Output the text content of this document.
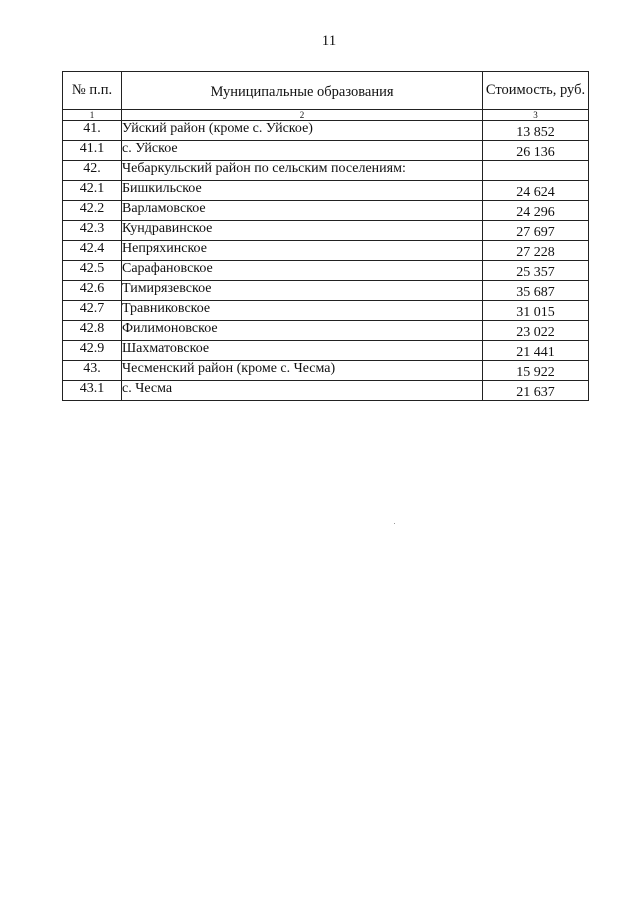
11
№ п.п.	Муниципальные образования	Стоимость, руб.
1	2	3
41.	Уйский район (кроме с. Уйское)	13 852
41.1	с. Уйское	26 136
42.	Чебаркульский район по сельским поселениям:	
42.1	Бишкильское	24 624
42.2	Варламовское	24 296
42.3	Кундравинское	27 697
42.4	Непряхинское	27 228
42.5	Сарафановское	25 357
42.6	Тимирязевское	35 687
42.7	Травниковское	31 015
42.8	Филимоновское	23 022
42.9	Шахматовское	21 441
43.	Чесменский район (кроме с. Чесма)	15 922
43.1	с. Чесма	21 637
